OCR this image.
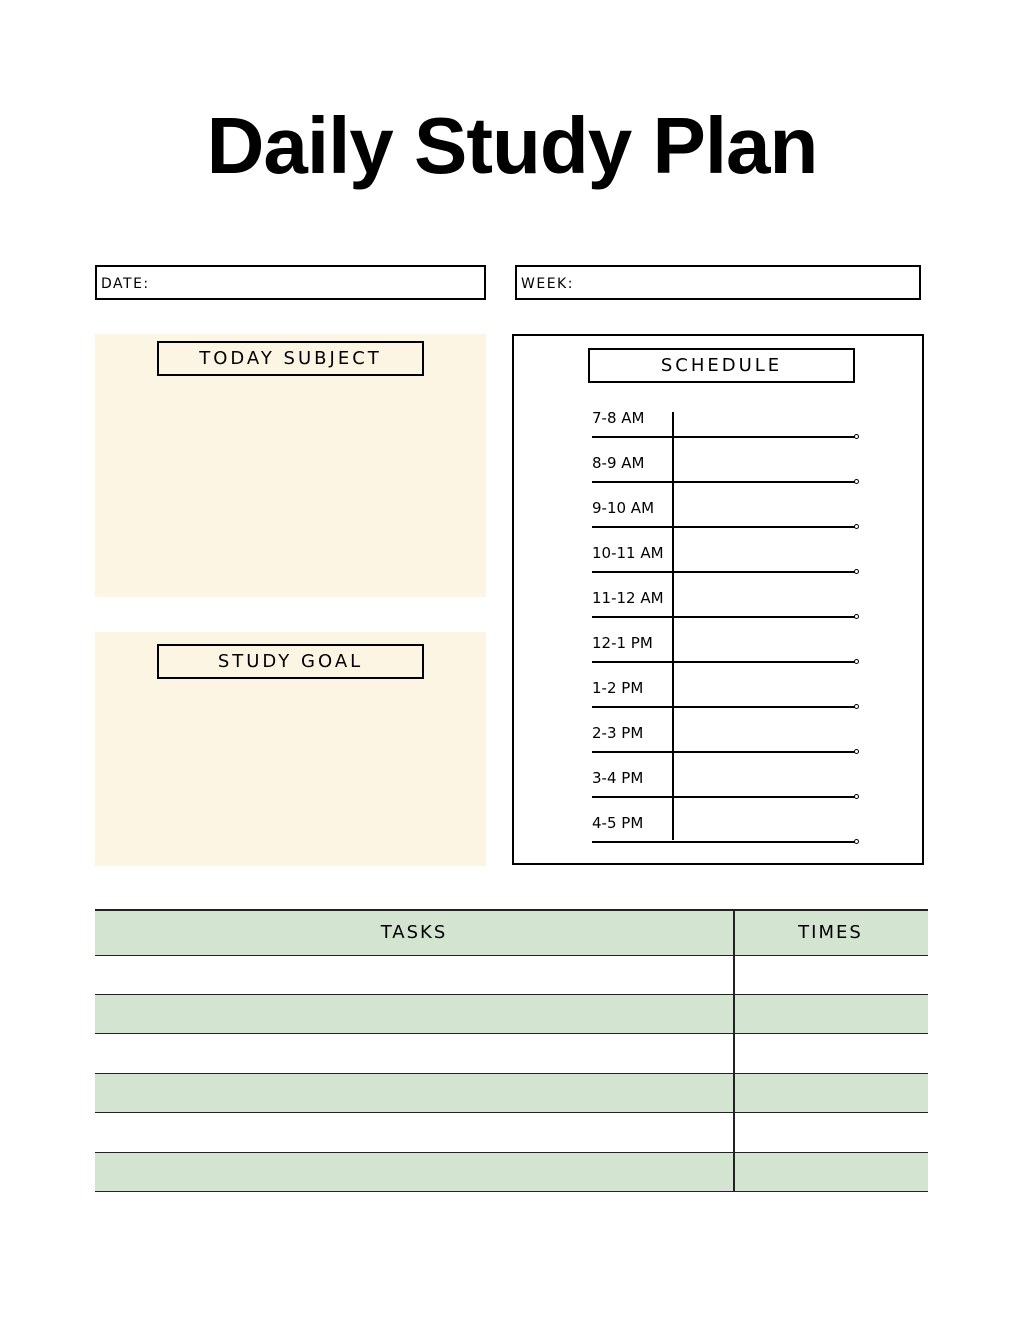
Daily Study Plan
DATE:	WEEK:
TODAY SUBJECT
STUDY GOAL
SCHEDULE
7-8 AM
8-9 AM
9-10 AM
10-11 AM
11-12 AM
12-1 PM
1-2 PM
2-3 PM
3-4 PM
4-5 PM
TASKS	TIMES
